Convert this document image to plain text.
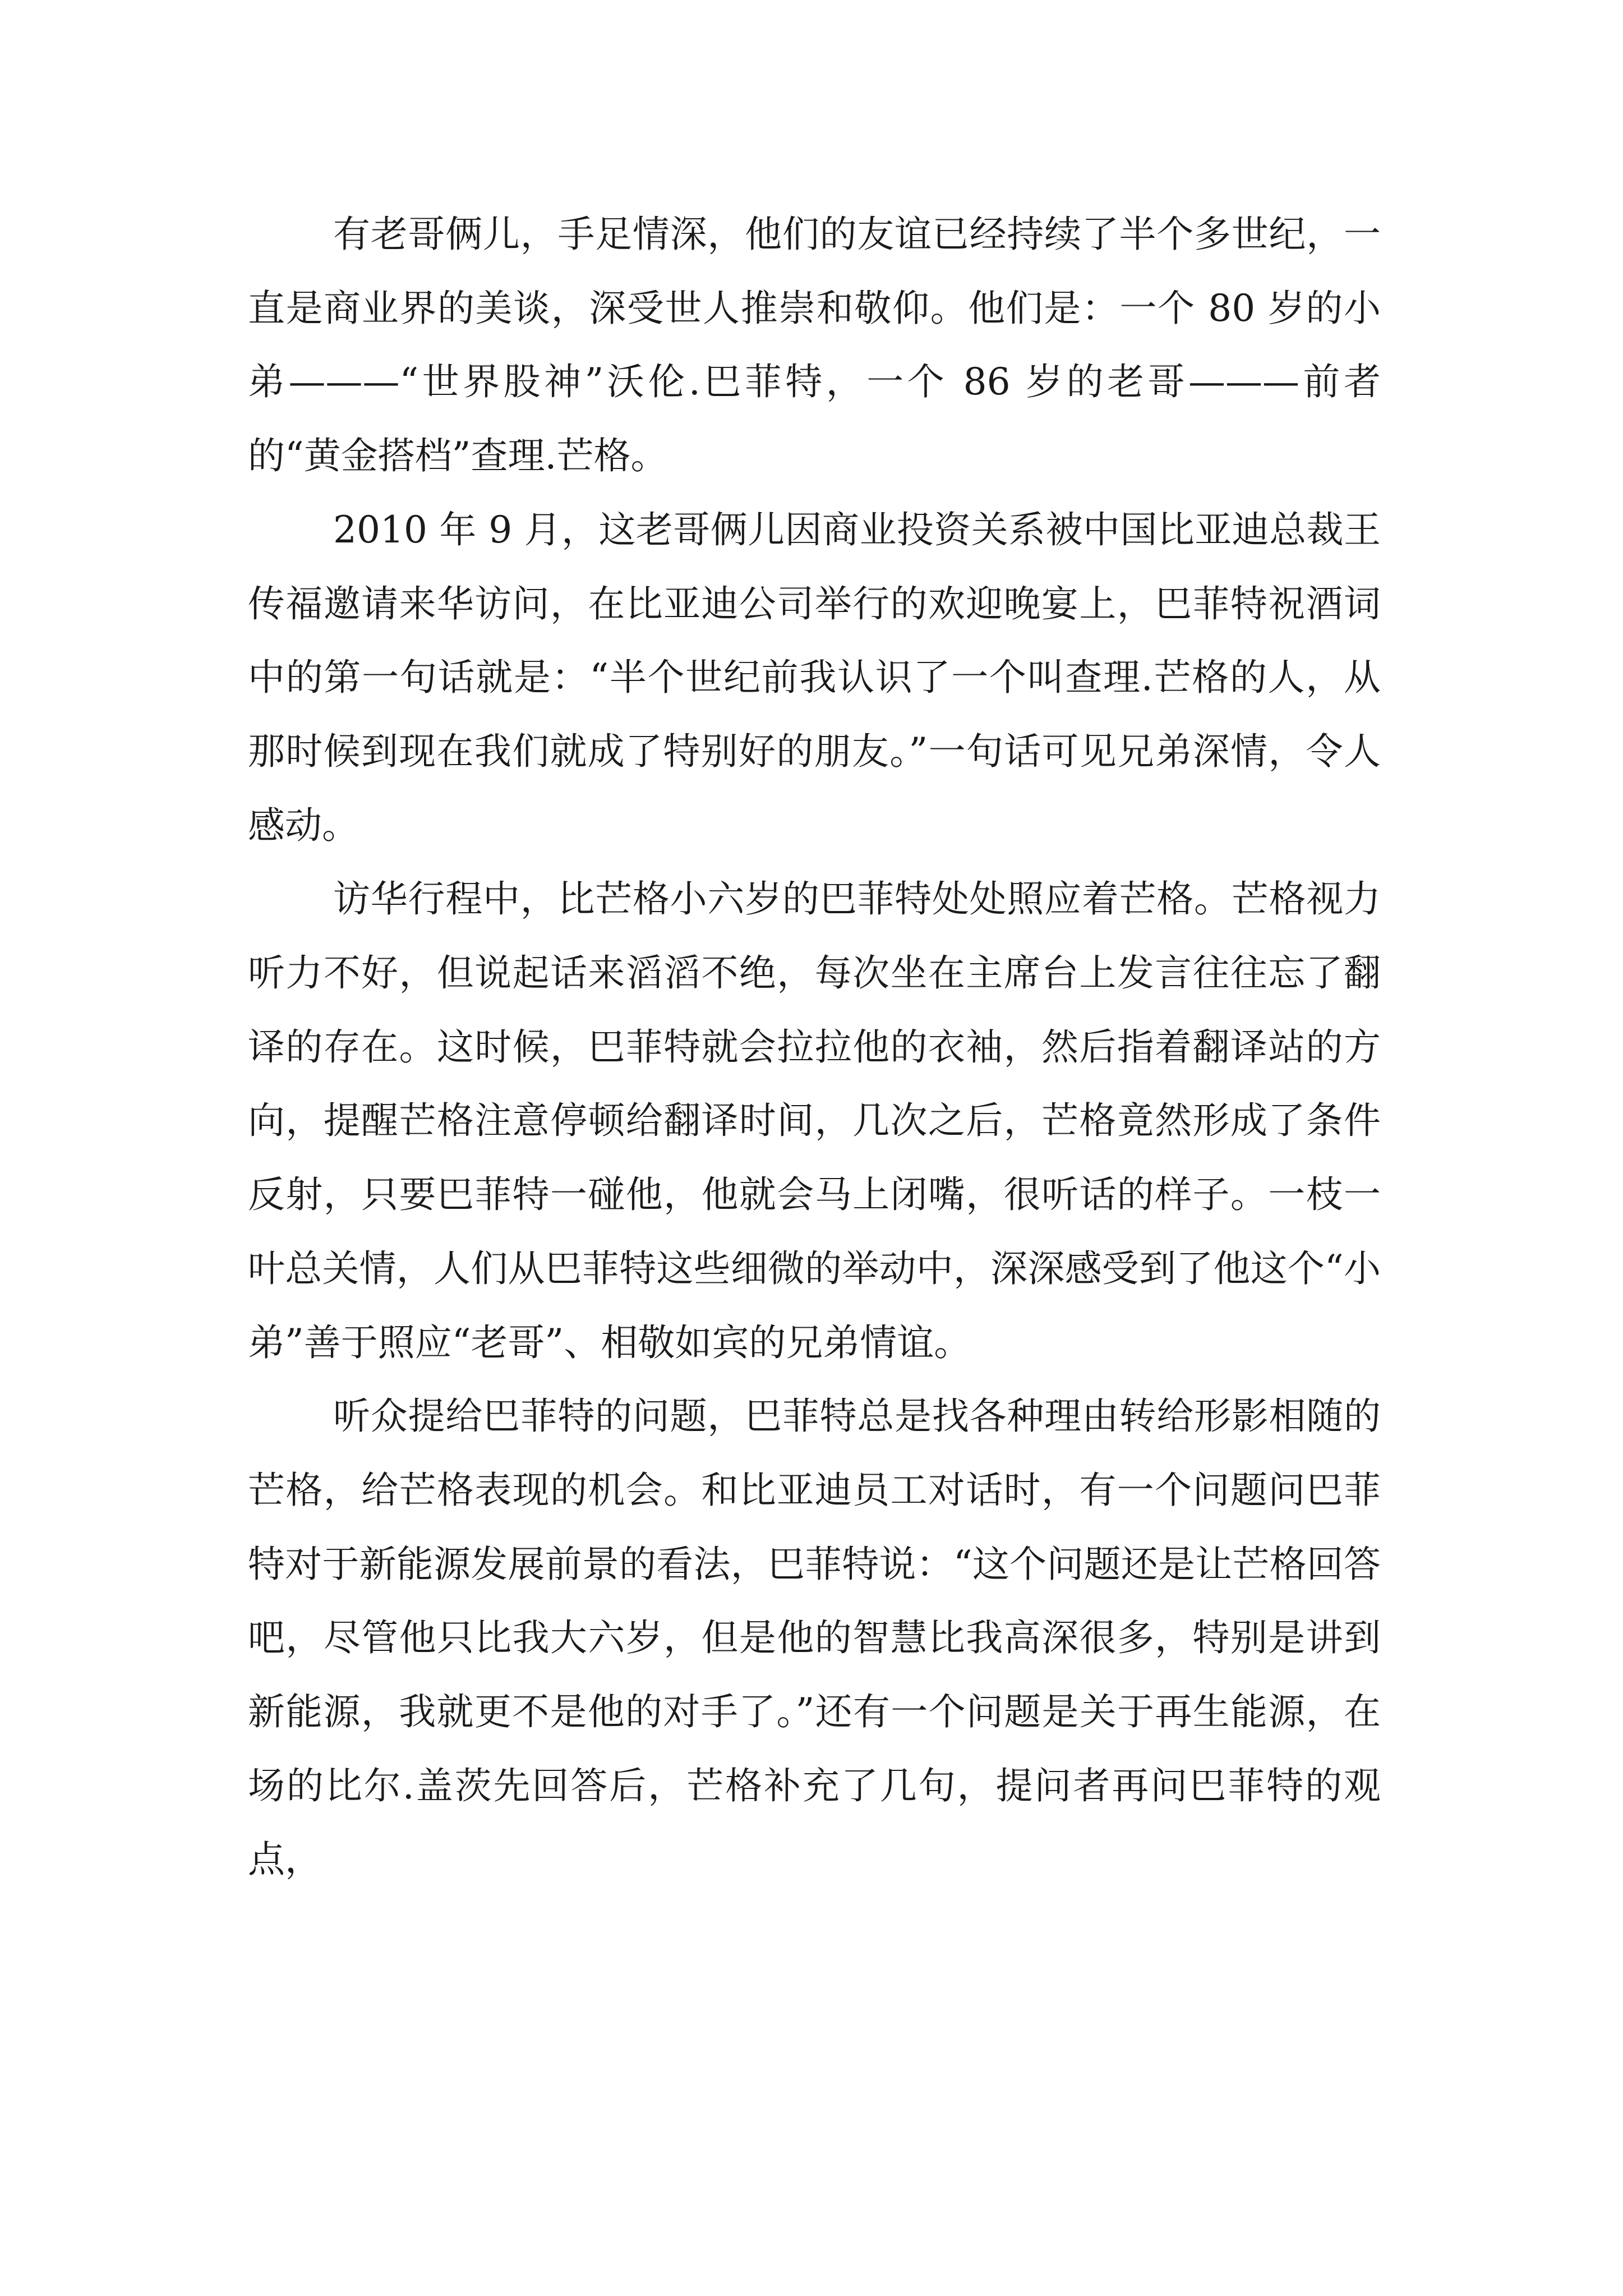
有老哥俩儿，手足情深，他们的友谊已经持续了半个多世纪，一直是商业界的美谈，深受世人推崇和敬仰。他们是：一个 80 岁的小弟———“世界股神”沃伦.巴菲特，一个 86 岁的老哥———前者的“黄金搭档”查理.芒格。

2010 年 9 月，这老哥俩儿因商业投资关系被中国比亚迪总裁王传福邀请来华访问，在比亚迪公司举行的欢迎晚宴上，巴菲特祝酒词中的第一句话就是：“半个世纪前我认识了一个叫查理.芒格的人，从那时候到现在我们就成了特别好的朋友。”一句话可见兄弟深情，令人感动。

访华行程中，比芒格小六岁的巴菲特处处照应着芒格。芒格视力听力不好，但说起话来滔滔不绝，每次坐在主席台上发言往往忘了翻译的存在。这时候，巴菲特就会拉拉他的衣袖，然后指着翻译站的方向，提醒芒格注意停顿给翻译时间，几次之后，芒格竟然形成了条件反射，只要巴菲特一碰他，他就会马上闭嘴，很听话的样子。一枝一叶总关情，人们从巴菲特这些细微的举动中，深深感受到了他这个“小弟”善于照应“老哥”、相敬如宾的兄弟情谊。

听众提给巴菲特的问题，巴菲特总是找各种理由转给形影相随的芒格，给芒格表现的机会。和比亚迪员工对话时，有一个问题问巴菲特对于新能源发展前景的看法，巴菲特说：“这个问题还是让芒格回答吧，尽管他只比我大六岁，但是他的智慧比我高深很多，特别是讲到新能源，我就更不是他的对手了。”还有一个问题是关于再生能源，在场的比尔.盖茨先回答后，芒格补充了几句，提问者再问巴菲特的观点，
